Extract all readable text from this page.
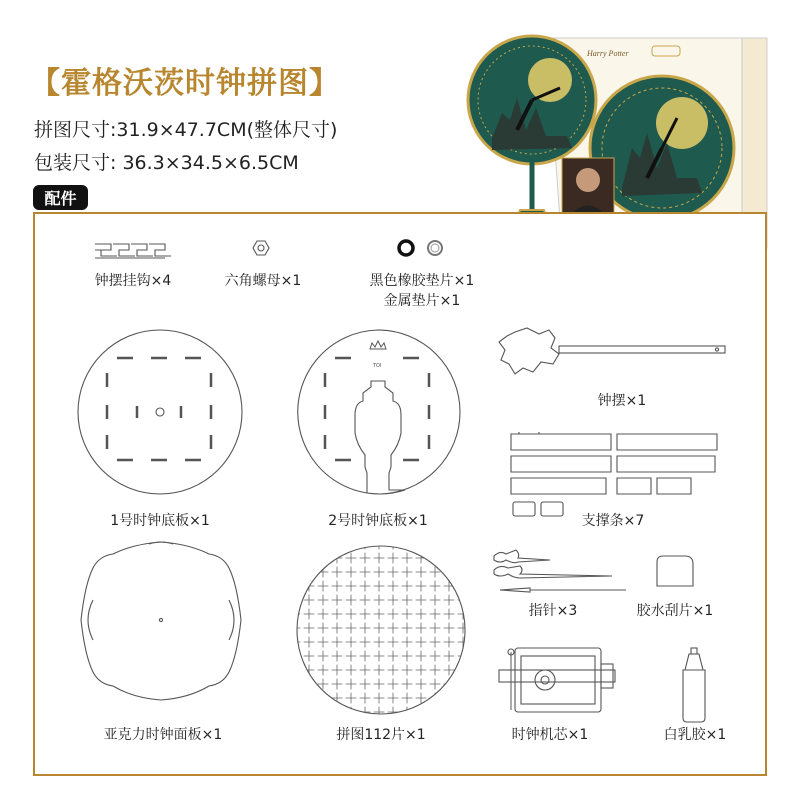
【霍格沃茨时钟拼图】
拼图尺寸:31.9×47.7CM(整体尺寸)
包装尺寸: 36.3×34.5×6.5CM
配件
Harry Potter
钟摆挂钩×4	六角螺母×1	黑色橡胶垫片×1
金属垫片×1
钟摆×1
1号时钟底板×1
TOI
2号时钟底板×1	支撑条×7
亚克力时钟面板×1	拼图112片×1
指针×3	胶水刮片×1
时钟机芯×1	白乳胶×1
